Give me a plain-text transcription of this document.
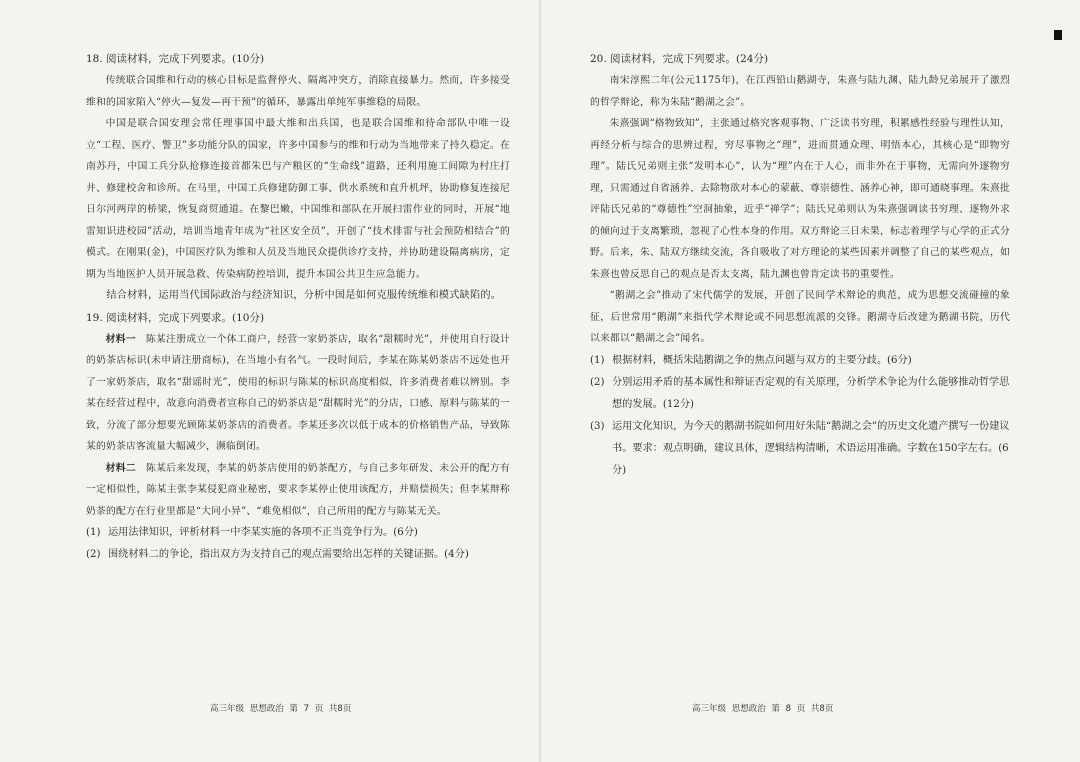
18. 阅读材料，完成下列要求。(10分)

传统联合国维和行动的核心目标是监督停火、隔离冲突方，消除直接暴力。然而，许多接受维和的国家陷入“停火—复发—再干预”的循环，暴露出单纯军事维稳的局限。

中国是联合国安理会常任理事国中最大维和出兵国，也是联合国维和待命部队中唯一设立“工程、医疗、警卫”多功能分队的国家，许多中国参与的维和行动为当地带来了持久稳定。在南苏丹，中国工兵分队抢修连接首都朱巴与产粮区的“生命线”道路，还利用施工间隙为村庄打井、修建校舍和诊所。在马里，中国工兵修建防御工事、供水系统和直升机坪，协助修复连接尼日尔河两岸的桥梁，恢复商贸通道。在黎巴嫩，中国维和部队在开展扫雷作业的同时，开展“地雷知识进校园”活动，培训当地青年成为“社区安全员”，开创了“技术排雷与社会预防相结合”的模式。在刚果(金)，中国医疗队为维和人员及当地民众提供诊疗支持，并协助建设隔离病房，定期为当地医护人员开展急救、传染病防控培训，提升本国公共卫生应急能力。

结合材料，运用当代国际政治与经济知识，分析中国是如何克服传统维和模式缺陷的。

19. 阅读材料，完成下列要求。(10分)

材料一 陈某注册成立一个体工商户，经营一家奶茶店，取名“甜糯时光”，并使用自行设计的奶茶店标识(未申请注册商标)，在当地小有名气。一段时间后，李某在陈某奶茶店不远处也开了一家奶茶店，取名“甜谣时光”，使用的标识与陈某的标识高度相似，许多消费者难以辨别。李某在经营过程中，故意向消费者宣称自己的奶茶店是“甜糯时光”的分店，口感、原料与陈某的一致，分流了部分想要光顾陈某奶茶店的消费者。李某还多次以低于成本的价格销售产品，导致陈某的奶茶店客流量大幅减少，濒临倒闭。

材料二 陈某后来发现，李某的奶茶店使用的奶茶配方，与自己多年研发、未公开的配方有一定相似性，陈某主张李某侵犯商业秘密，要求李某停止使用该配方，并赔偿损失；但李某辩称奶茶的配方在行业里都是“大同小异”、“难免相似”，自己所用的配方与陈某无关。

(1) 运用法律知识，评析材料一中李某实施的各项不正当竞争行为。(6分)
(2) 围绕材料二的争论，指出双方为支持自己的观点需要给出怎样的关键证据。(4分)
20. 阅读材料，完成下列要求。(24分)

南宋淳熙二年(公元1175年)，在江西铅山鹅湖寺，朱熹与陆九渊、陆九龄兄弟展开了激烈的哲学辩论，称为朱陆“鹅湖之会”。

朱熹强调“格物致知”，主张通过格究客观事物、广泛读书穷理，积累感性经验与理性认知，再经分析与综合的思辨过程，穷尽事物之“理”，进而贯通众理、明悟本心，其核心是“即物穷理”。陆氏兄弟则主张“发明本心”，认为“理”内在于人心，而非外在于事物，无需向外逐物穷理，只需通过自省涵养、去除物欲对本心的蒙蔽、尊崇德性、涵养心神，即可通晓事理。朱熹批评陆氏兄弟的“尊德性”空洞抽象，近乎“禅学”；陆氏兄弟则认为朱熹强调读书穷理、逐物外求的倾向过于支离繁琐，忽视了心性本身的作用。双方辩论三日未果，标志着理学与心学的正式分野。后来，朱、陆双方继续交流，各自吸收了对方理论的某些因素并调整了自己的某些观点，如朱熹也曾反思自己的观点是否太支离，陆九渊也曾肯定读书的重要性。

“鹅湖之会”推动了宋代儒学的发展，开创了民间学术辩论的典范，成为思想交流碰撞的象征，后世常用“鹅湖”来指代学术辩论或不同思想流派的交锋。鹅湖寺后改建为鹅湖书院，历代以来都以“鹅湖之会”闻名。

(1) 根据材料，概括朱陆鹅湖之争的焦点问题与双方的主要分歧。(6分)
(2) 分别运用矛盾的基本属性和辩证否定观的有关原理，分析学术争论为什么能够推动哲学思想的发展。(12分)
(3) 运用文化知识，为今天的鹅湖书院如何用好朱陆“鹅湖之会”的历史文化遗产撰写一份建议书。要求：观点明确，建议具体，逻辑结构清晰，术语运用准确。字数在150字左右。(6分)
高三年级 思想政治 第 7 页 共8页	高三年级 思想政治 第 8 页 共8页
